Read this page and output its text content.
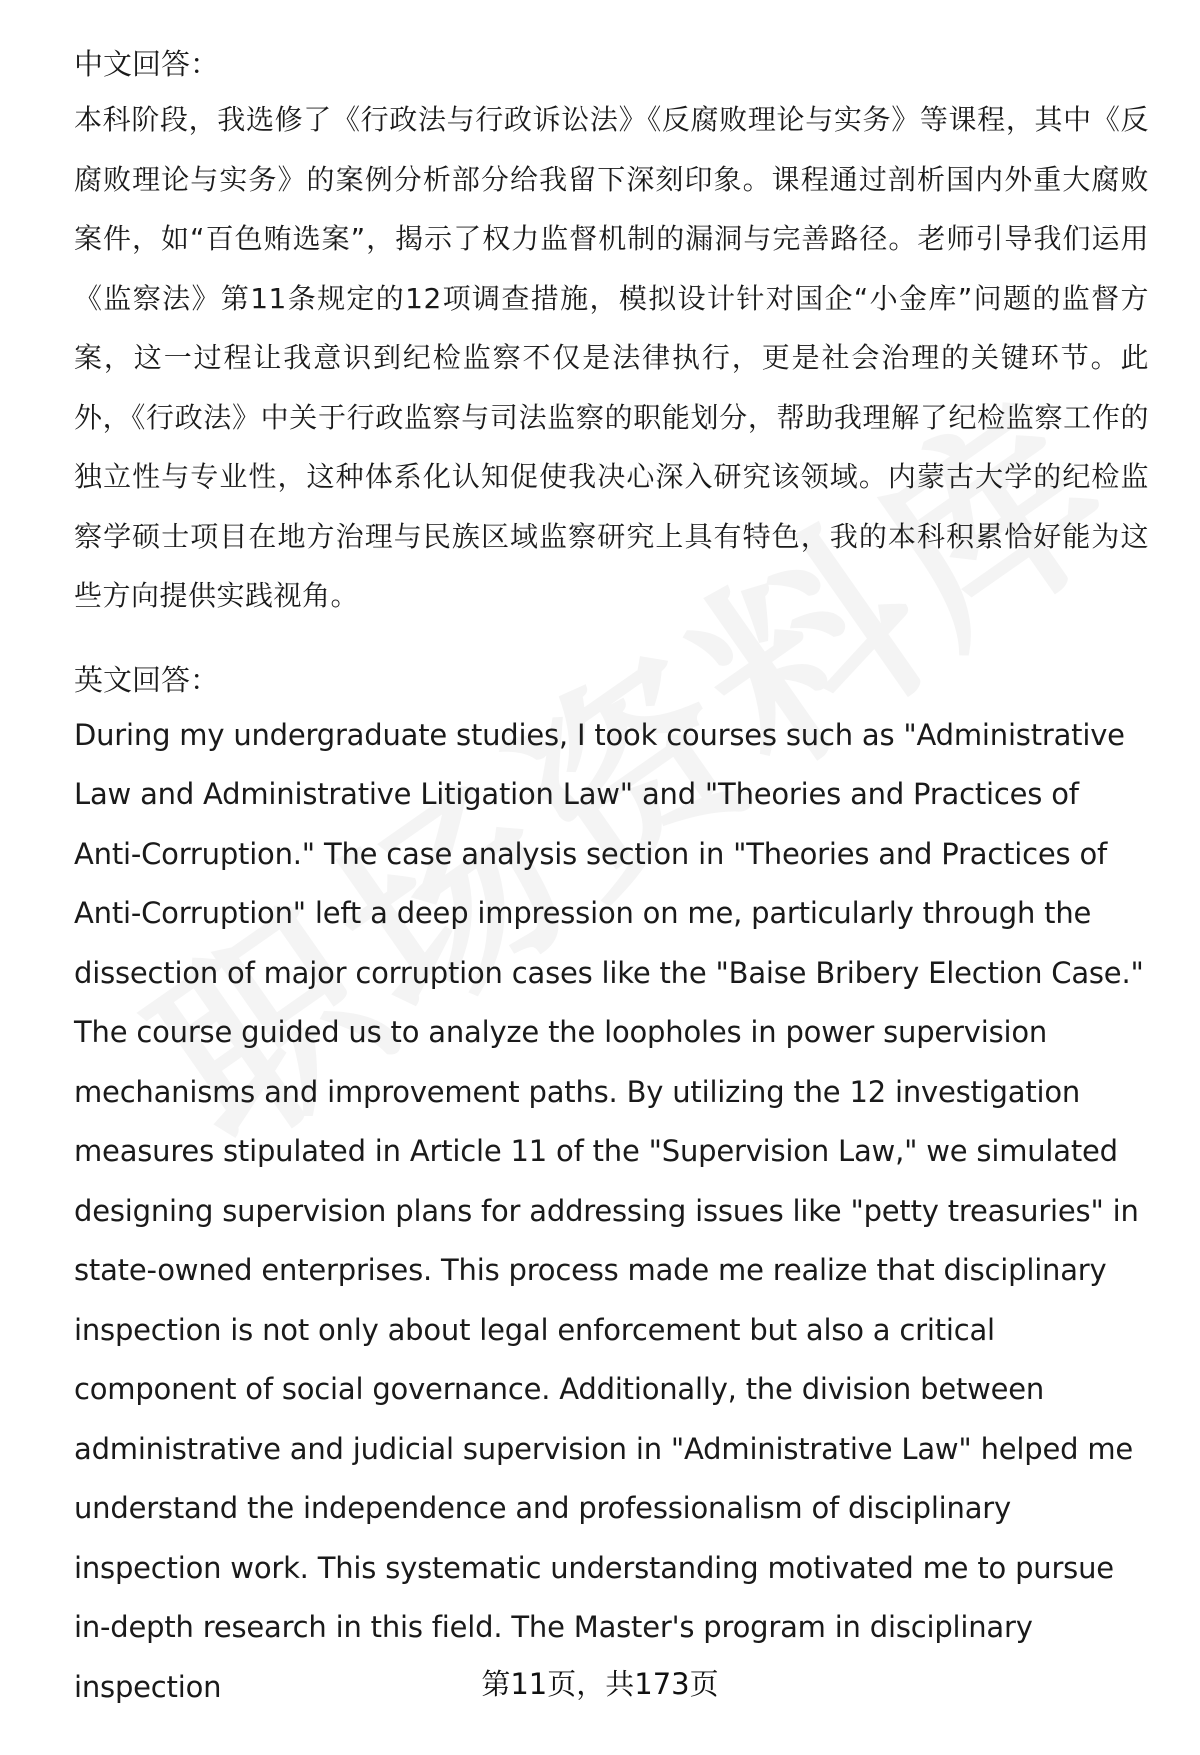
中文回答：

本科阶段，我选修了《行政法与行政诉讼法》《反腐败理论与实务》等课程，其中《反腐败理论与实务》的案例分析部分给我留下深刻印象。课程通过剖析国内外重大腐败案件，如“百色贿选案”，揭示了权力监督机制的漏洞与完善路径。老师引导我们运用《监察法》第11条规定的12项调查措施，模拟设计针对国企“小金库”问题的监督方案，这一过程让我意识到纪检监察不仅是法律执行，更是社会治理的关键环节。此外，《行政法》中关于行政监察与司法监察的职能划分，帮助我理解了纪检监察工作的独立性与专业性，这种体系化认知促使我决心深入研究该领域。内蒙古大学的纪检监察学硕士项目在地方治理与民族区域监察研究上具有特色，我的本科积累恰好能为这些方向提供实践视角。

英文回答：

During my undergraduate studies, I took courses such as "Administrative Law and Administrative Litigation Law" and "Theories and Practices of Anti-Corruption." The case analysis section in "Theories and Practices of Anti-Corruption" left a deep impression on me, particularly through the dissection of major corruption cases like the "Baise Bribery Election Case." The course guided us to analyze the loopholes in power supervision mechanisms and improvement paths. By utilizing the 12 investigation measures stipulated in Article 11 of the "Supervision Law," we simulated designing supervision plans for addressing issues like "petty treasuries" in state-owned enterprises. This process made me realize that disciplinary inspection is not only about legal enforcement but also a critical component of social governance. Additionally, the division between administrative and judicial supervision in "Administrative Law" helped me understand the independence and professionalism of disciplinary inspection work. This systematic understanding motivated me to pursue in-depth research in this field. The Master's program in disciplinary inspection	第11页，共173页
